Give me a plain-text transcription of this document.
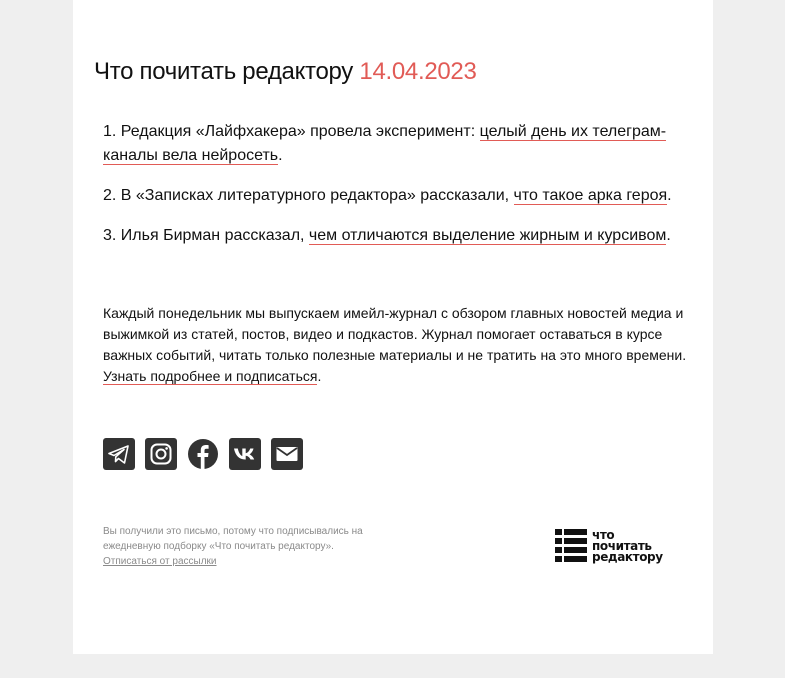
Что почитать редактору 14.04.2023

1. Редакция «Лайфхакера» провела эксперимент: целый день их телеграм-каналы вела нейросеть.

2. В «Записках литературного редактора» рассказали, что такое арка героя.

3. Илья Бирман рассказал, чем отличаются выделение жирным и курсивом.

Каждый понедельник мы выпускаем имейл-журнал с обзором главных новостей медиа и выжимкой из статей, постов, видео и подкастов. Журнал помогает оставаться в курсе важных событий, читать только полезные материалы и не тратить на это много времени. Узнать подробнее и подписаться.
Вы получили это письмо, потому что подписывались на ежедневную подборку «Что почитать редактору».
Отписаться от рассылки
что
почитать
редактору
